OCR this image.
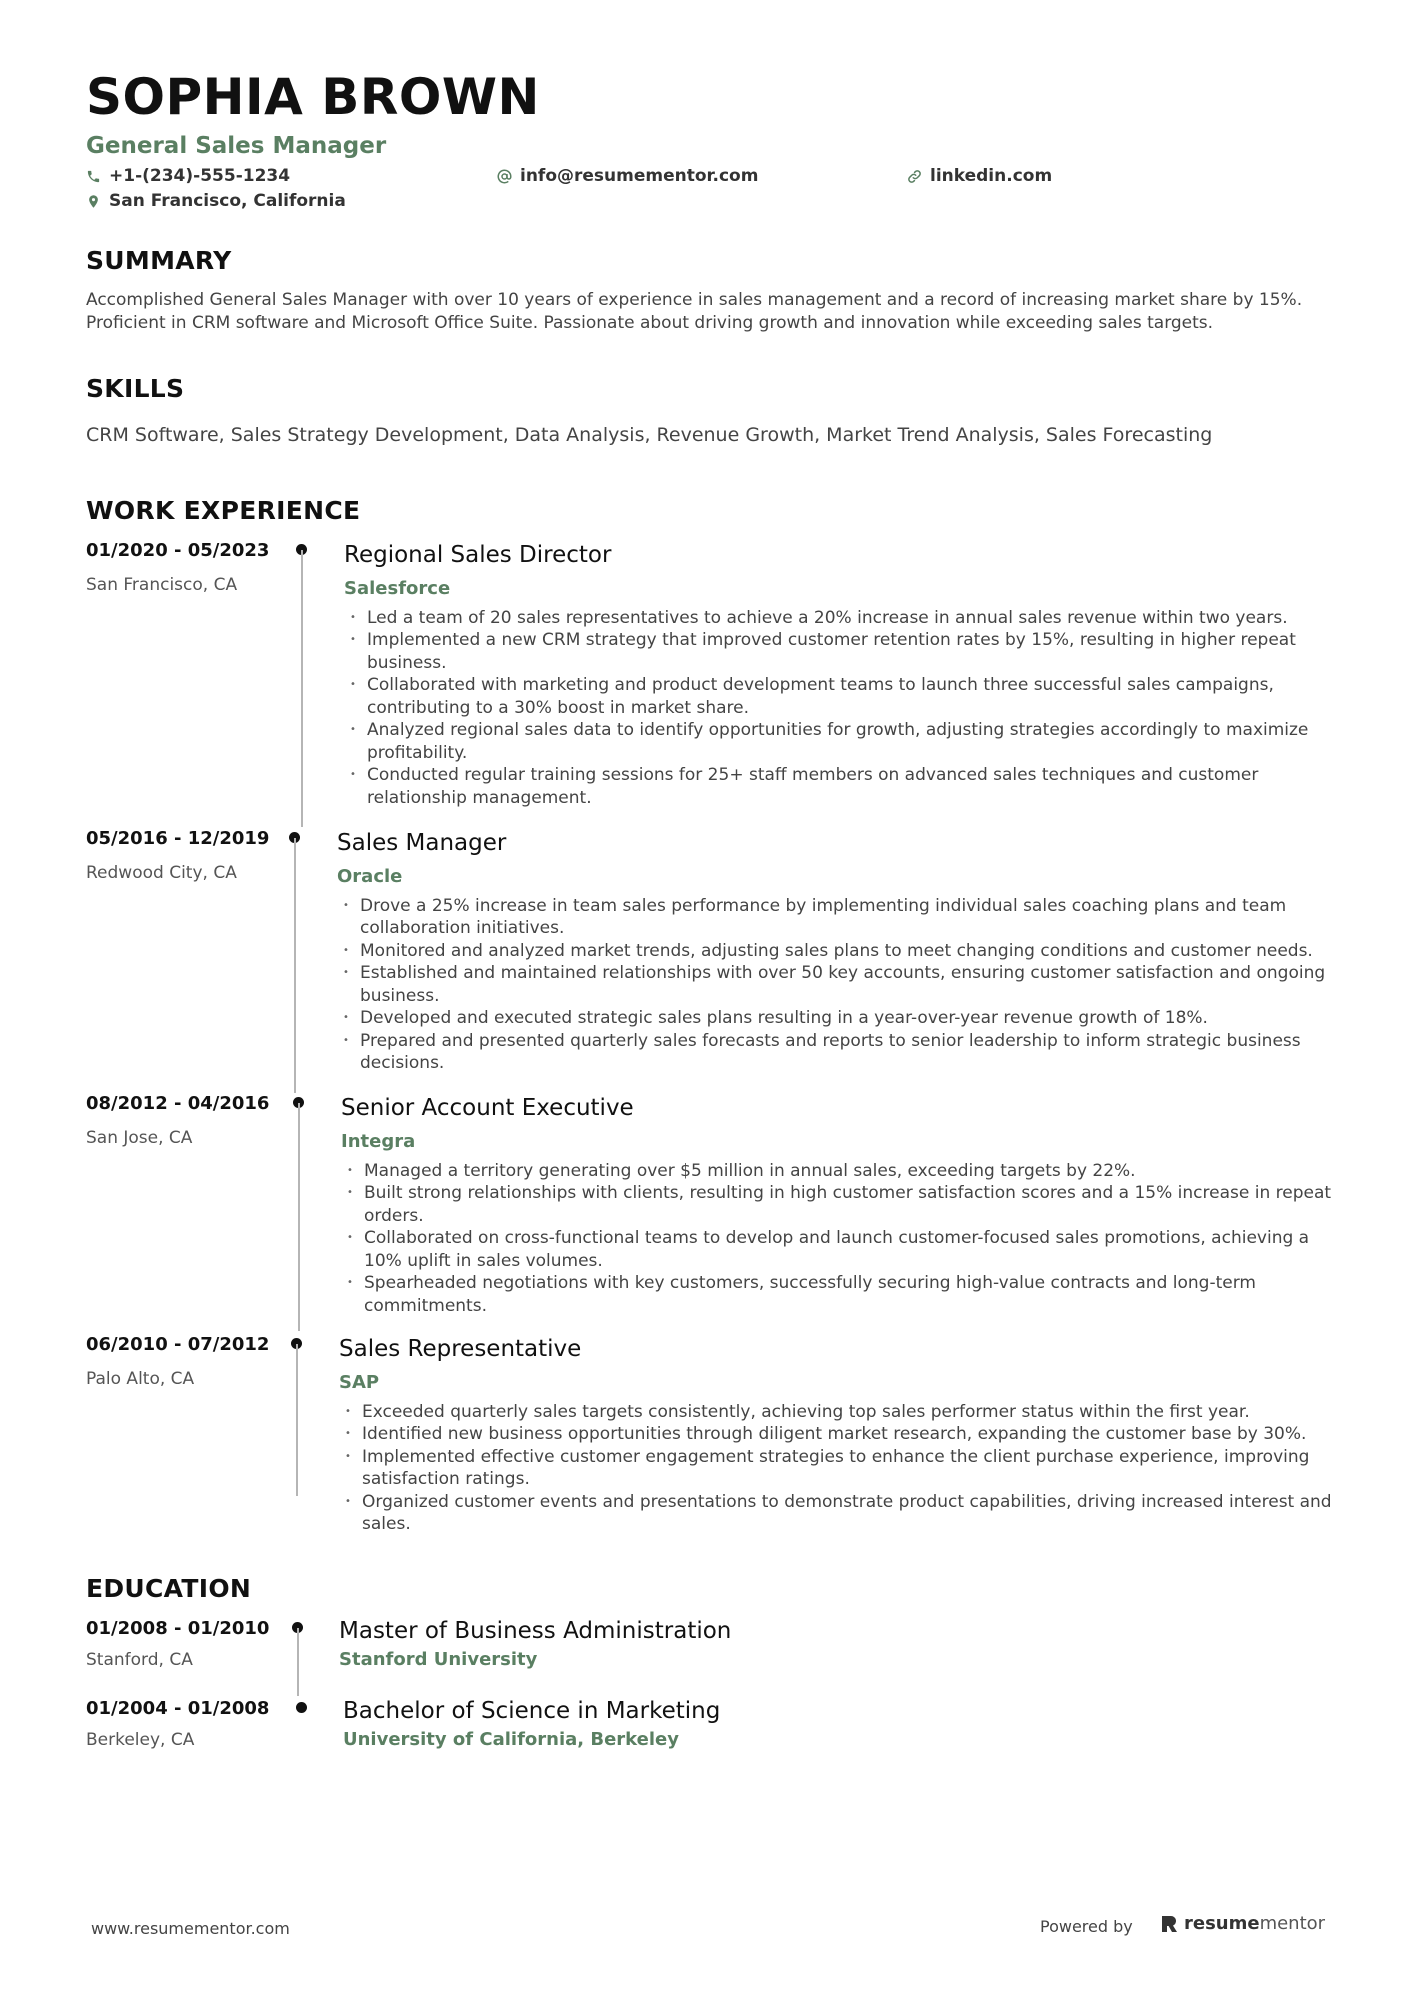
SOPHIA BROWN
General Sales Manager
+1-(234)-555-1234	info@resumementor.com	linkedin.com
San Francisco, California
SUMMARY

Accomplished General Sales Manager with over 10 years of experience in sales management and a record of increasing market share by 15%. Proficient in CRM software and Microsoft Office Suite. Passionate about driving growth and innovation while exceeding sales targets.

SKILLS

CRM Software, Sales Strategy Development, Data Analysis, Revenue Growth, Market Trend Analysis, Sales Forecasting

WORK EXPERIENCE
01/2020 - 05/2023
San Francisco, CA
Regional Sales Director
Salesforce
• Led a team of 20 sales representatives to achieve a 20% increase in annual sales revenue within two years.
• Implemented a new CRM strategy that improved customer retention rates by 15%, resulting in higher repeat business.
• Collaborated with marketing and product development teams to launch three successful sales campaigns, contributing to a 30% boost in market share.
• Analyzed regional sales data to identify opportunities for growth, adjusting strategies accordingly to maximize profitability.
• Conducted regular training sessions for 25+ staff members on advanced sales techniques and customer relationship management.
05/2016 - 12/2019
Redwood City, CA
Sales Manager
Oracle
• Drove a 25% increase in team sales performance by implementing individual sales coaching plans and team collaboration initiatives.
• Monitored and analyzed market trends, adjusting sales plans to meet changing conditions and customer needs.
• Established and maintained relationships with over 50 key accounts, ensuring customer satisfaction and ongoing business.
• Developed and executed strategic sales plans resulting in a year-over-year revenue growth of 18%.
• Prepared and presented quarterly sales forecasts and reports to senior leadership to inform strategic business decisions.
08/2012 - 04/2016
San Jose, CA
Senior Account Executive
Integra
• Managed a territory generating over $5 million in annual sales, exceeding targets by 22%.
• Built strong relationships with clients, resulting in high customer satisfaction scores and a 15% increase in repeat orders.
• Collaborated on cross-functional teams to develop and launch customer-focused sales promotions, achieving a 10% uplift in sales volumes.
• Spearheaded negotiations with key customers, successfully securing high-value contracts and long-term commitments.
06/2010 - 07/2012
Palo Alto, CA
Sales Representative
SAP
• Exceeded quarterly sales targets consistently, achieving top sales performer status within the first year.
• Identified new business opportunities through diligent market research, expanding the customer base by 30%.
• Implemented effective customer engagement strategies to enhance the client purchase experience, improving satisfaction ratings.
• Organized customer events and presentations to demonstrate product capabilities, driving increased interest and sales.
EDUCATION
01/2008 - 01/2010
Stanford, CA
Master of Business Administration
Stanford University
01/2004 - 01/2008
Berkeley, CA
Bachelor of Science in Marketing
University of California, Berkeley
www.resumementor.com	Powered by	resume mentor
